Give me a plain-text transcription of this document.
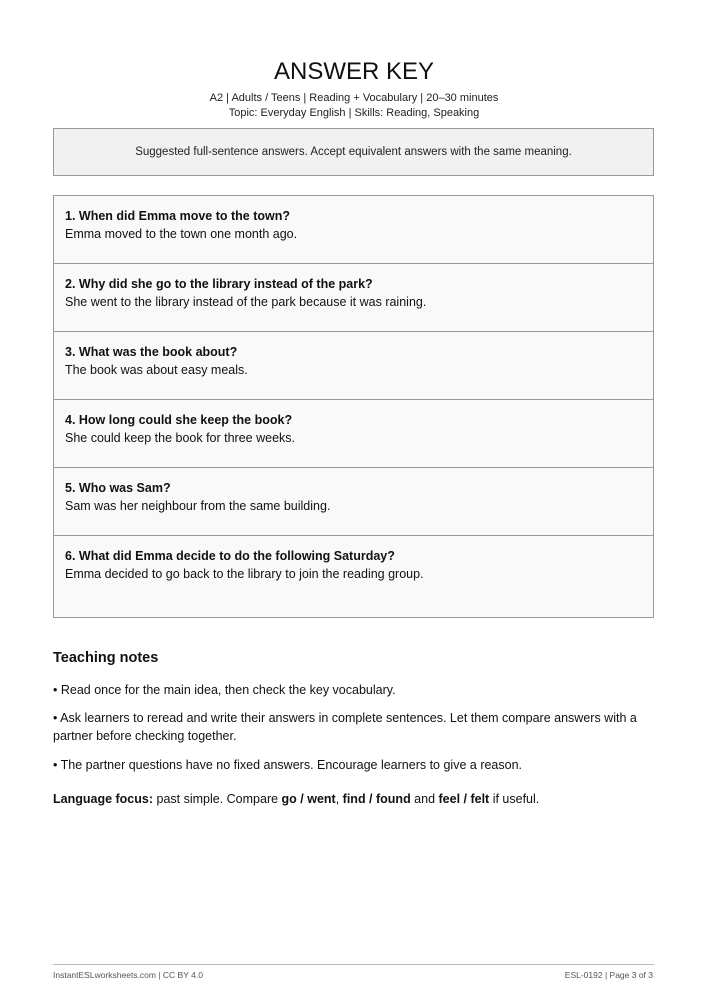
ANSWER KEY
A2 | Adults / Teens | Reading + Vocabulary | 20–30 minutes
Topic: Everyday English | Skills: Reading, Speaking
Suggested full-sentence answers. Accept equivalent answers with the same meaning.
1. When did Emma move to the town?
Emma moved to the town one month ago.
2. Why did she go to the library instead of the park?
She went to the library instead of the park because it was raining.
3. What was the book about?
The book was about easy meals.
4. How long could she keep the book?
She could keep the book for three weeks.
5. Who was Sam?
Sam was her neighbour from the same building.
6. What did Emma decide to do the following Saturday?
Emma decided to go back to the library to join the reading group.
Teaching notes

• Read once for the main idea, then check the key vocabulary.

• Ask learners to reread and write their answers in complete sentences. Let them compare answers with a partner before checking together.

• The partner questions have no fixed answers. Encourage learners to give a reason.

Language focus: past simple. Compare go / went, find / found and feel / felt if useful.

InstantESLworksheets.com | CC BY 4.0	ESL-0192 | Page 3 of 3
